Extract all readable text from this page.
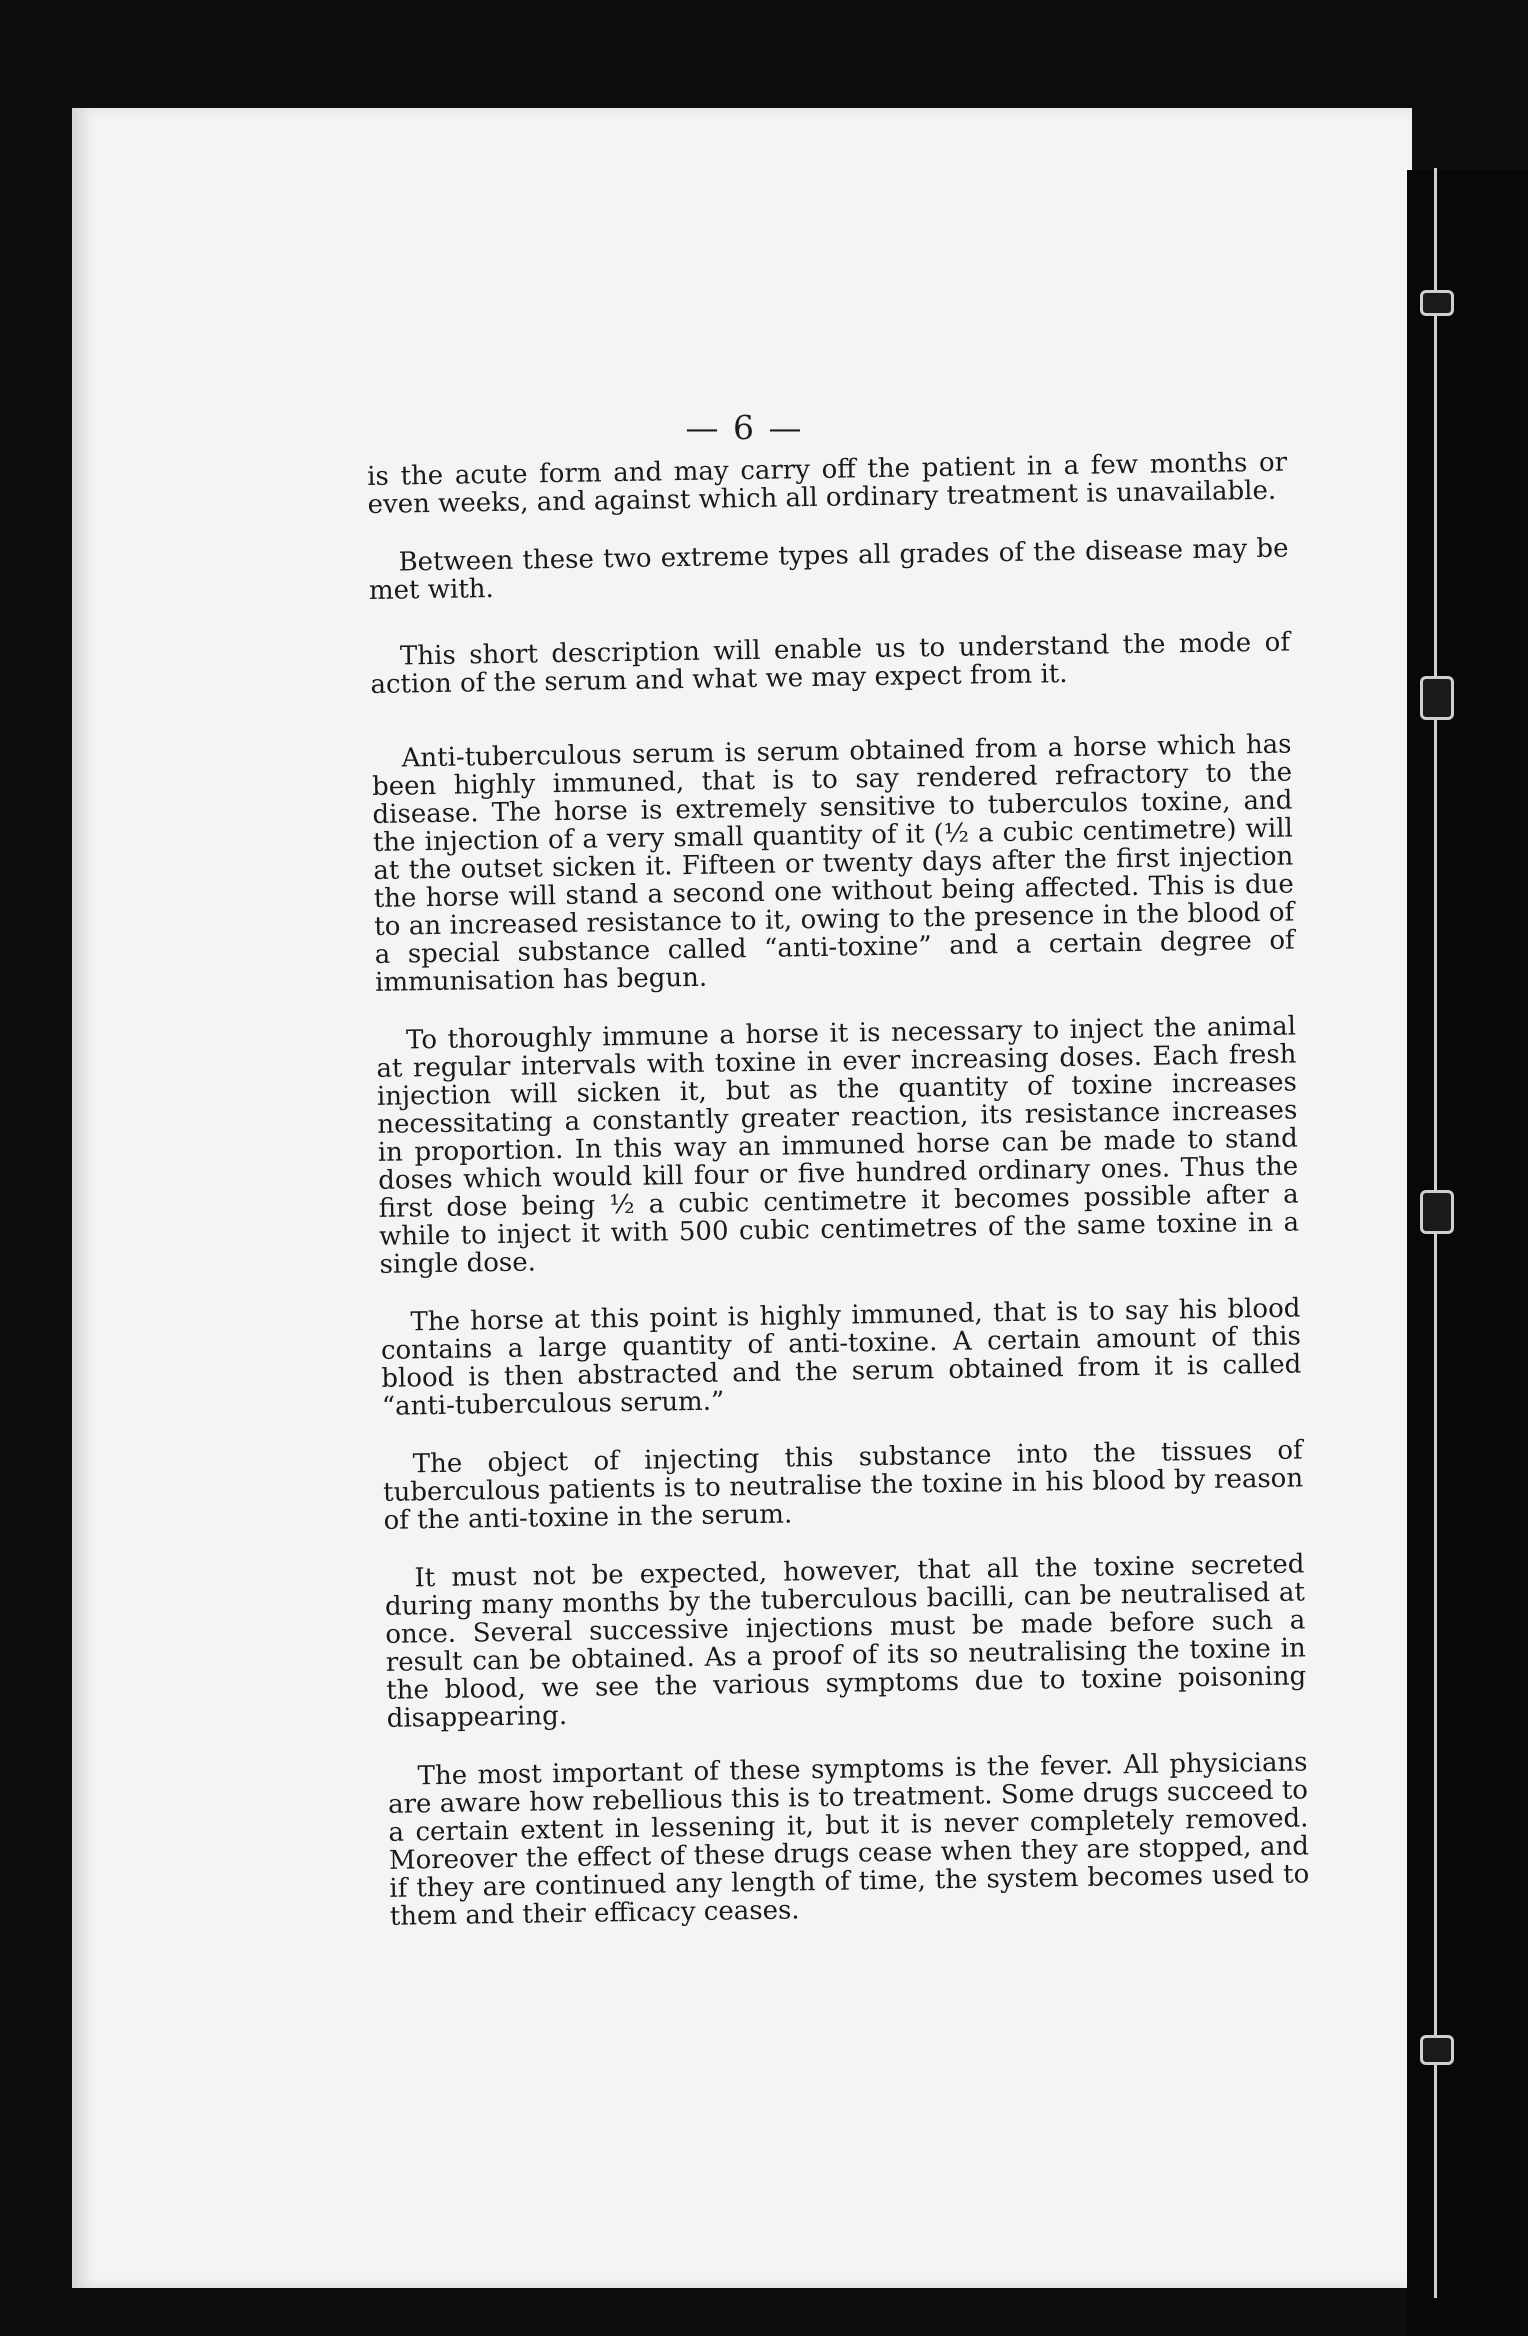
— 6 —

is the acute form and may carry off the patient in a few months or even weeks, and against which all ordinary treatment is unavailable.

Between these two extreme types all grades of the disease may be met with.

This short description will enable us to understand the mode of action of the serum and what we may expect from it.

Anti-tuberculous serum is serum obtained from a horse which has been highly immuned, that is to say rendered refractory to the disease. The horse is extremely sensitive to tuberculos toxine, and the injection of a very small quantity of it (½ a cubic centimetre) will at the outset sicken it. Fifteen or twenty days after the first injection the horse will stand a second one without being affected. This is due to an increased resistance to it, owing to the presence in the blood of a special substance called “anti-toxine” and a certain degree of immunisation has begun.

To thoroughly immune a horse it is necessary to inject the animal at regular intervals with toxine in ever increasing doses. Each fresh injection will sicken it, but as the quantity of toxine increases necessitating a constantly greater reaction, its resistance increases in proportion. In this way an immuned horse can be made to stand doses which would kill four or five hundred ordinary ones. Thus the first dose being ½ a cubic centimetre it becomes possible after a while to inject it with 500 cubic centimetres of the same toxine in a single dose.

The horse at this point is highly immuned, that is to say his blood contains a large quantity of anti-toxine. A certain amount of this blood is then abstracted and the serum obtained from it is called “anti-tuberculous serum.”

The object of injecting this substance into the tissues of tuberculous patients is to neutralise the toxine in his blood by reason of the anti-toxine in the serum.

It must not be expected, however, that all the toxine secreted during many months by the tuberculous bacilli, can be neutralised at once. Several successive injections must be made before such a result can be obtained. As a proof of its so neutralising the toxine in the blood, we see the various symptoms due to toxine poisoning disappearing.

The most important of these symptoms is the fever. All physicians are aware how rebellious this is to treatment. Some drugs succeed to a certain extent in lessening it, but it is never completely removed. Moreover the effect of these drugs cease when they are stopped, and if they are continued any length of time, the system becomes used to them and their efficacy ceases.
